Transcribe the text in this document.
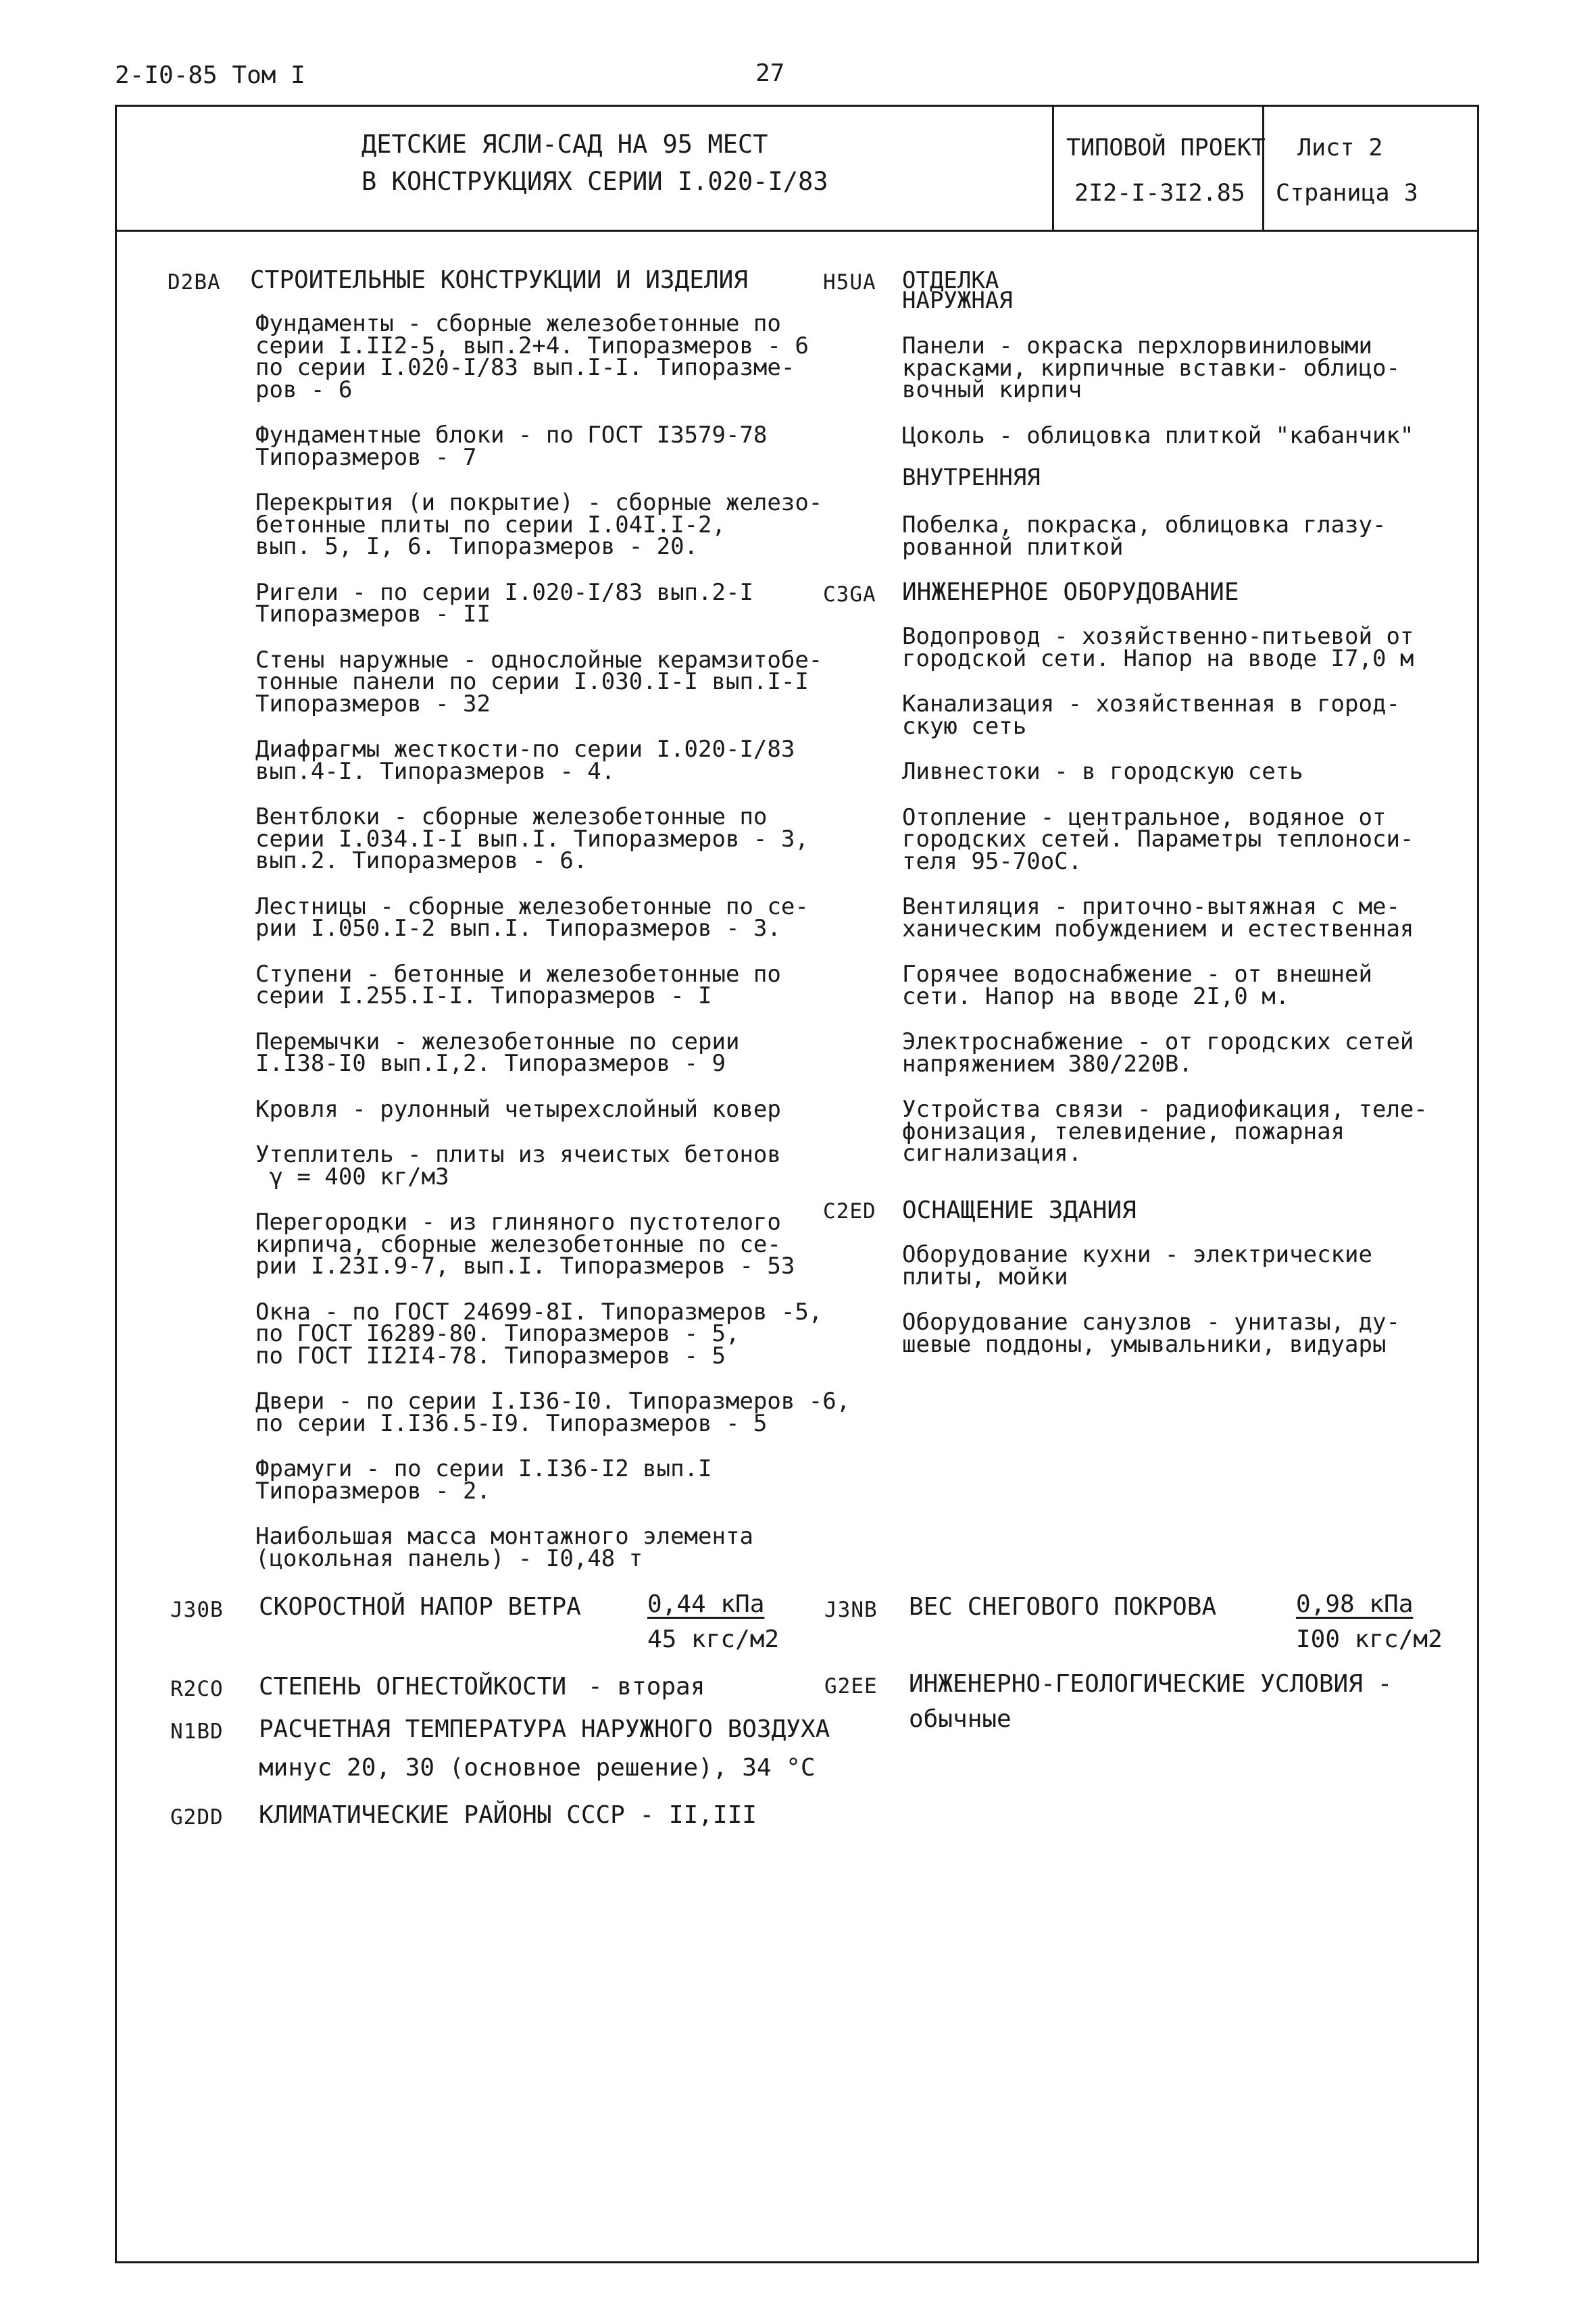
2-I0-85 Том I	27
ДЕТСКИЕ ЯСЛИ-САД НА 95 МЕСТ
В КОНСТРУКЦИЯХ СЕРИИ I.020-I/83
ТИПОВОЙ ПРОЕКТ
2I2-I-3I2.85
Лист 2
Страница 3
D2BA СТРОИТЕЛЬНЫЕ КОНСТРУКЦИИ И ИЗДЕЛИЯ
Фундаменты - сборные железобетонные по
серии I.II2-5, вып.2+4. Типоразмеров - 6
по серии I.020-I/83 вып.I-I. Типоразме-
ров - 6
Фундаментные блоки - по ГОСТ I3579-78
Типоразмеров - 7
Перекрытия (и покрытие) - сборные железо-
бетонные плиты по серии I.04I.I-2,
вып. 5, I, 6. Типоразмеров - 20.
Ригели - по серии I.020-I/83 вып.2-I
Типоразмеров - II
Стены наружные - однослойные керамзитобе-
тонные панели по серии I.030.I-I вып.I-I
Типоразмеров - 32
Диафрагмы жесткости-по серии I.020-I/83
вып.4-I. Типоразмеров - 4.
Вентблоки - сборные железобетонные по
серии I.034.I-I вып.I. Типоразмеров - 3,
вып.2. Типоразмеров - 6.
Лестницы - сборные железобетонные по се-
рии I.050.I-2 вып.I. Типоразмеров - 3.
Ступени - бетонные и железобетонные по
серии I.255.I-I. Типоразмеров - I
Перемычки - железобетонные по серии
I.I38-I0 вып.I,2. Типоразмеров - 9
Кровля - рулонный четырехслойный ковер
Утеплитель - плиты из ячеистых бетонов
γ = 400 кг/м3
Перегородки - из глиняного пустотелого
кирпича, сборные железобетонные по се-
рии I.23I.9-7, вып.I. Типоразмеров - 53
Окна - по ГОСТ 24699-8I. Типоразмеров -5,
по ГОСТ I6289-80. Типоразмеров - 5,
по ГОСТ II2I4-78. Типоразмеров - 5
Двери - по серии I.I36-I0. Типоразмеров -6,
по серии I.I36.5-I9. Типоразмеров - 5
Фрамуги - по серии I.I36-I2 вып.I
Типоразмеров - 2.
Наибольшая масса монтажного элемента
(цокольная панель) - I0,48 т
H5UA ОТДЕЛКА
НАРУЖНАЯ
Панели - окраска перхлорвиниловыми
красками, кирпичные вставки- облицо-
вочный кирпич
Цоколь - облицовка плиткой "кабанчик"
ВНУТРЕННЯЯ
Побелка, покраска, облицовка глазу-
рованной плиткой
C3GA ИНЖЕНЕРНОЕ ОБОРУДОВАНИЕ
Водопровод - хозяйственно-питьевой от
городской сети. Напор на вводе I7,0 м
Канализация - хозяйственная в город-
скую сеть
Ливнестоки - в городскую сеть
Отопление - центральное, водяное от
городских сетей. Параметры теплоноси-
теля 95-70оС.
Вентиляция - приточно-вытяжная с ме-
ханическим побуждением и естественная
Горячее водоснабжение - от внешней
сети. Напор на вводе 2I,0 м.
Электроснабжение - от городских сетей
напряжением 380/220В.
Устройства связи - радиофикация, теле-
фонизация, телевидение, пожарная
сигнализация.
C2ED ОСНАЩЕНИЕ ЗДАНИЯ
Оборудование кухни - электрические
плиты, мойки
Оборудование санузлов - унитазы, ду-
шевые поддоны, умывальники, видуары
J30B СКОРОСТНОЙ НАПОР ВЕТРА	0,44 кПа
45 кгс/м2
J3NB ВЕС СНЕГОВОГО ПОКРОВА	0,98 кПа
I00 кгс/м2
R2CO СТЕПЕНЬ ОГНЕСТОЙКОСТИ - вторая	G2EE ИНЖЕНЕРНО-ГЕОЛОГИЧЕСКИЕ УСЛОВИЯ -
обычные
N1BD РАСЧЕТНАЯ ТЕМПЕРАТУРА НАРУЖНОГО ВОЗДУХА
минус 20, 30 (основное решение), 34 °С
G2DD КЛИМАТИЧЕСКИЕ РАЙОНЫ СССР - II,III
